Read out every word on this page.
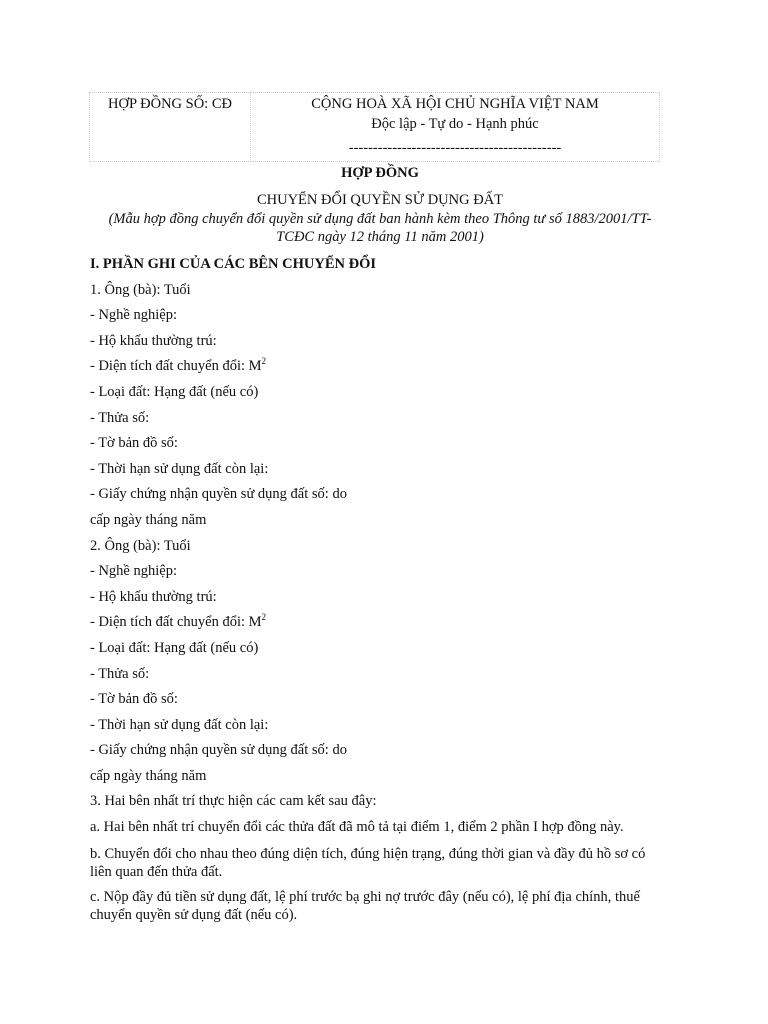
HỢP ĐỒNG SỐ: CĐ	CỘNG HOÀ XÃ HỘI CHỦ NGHĨA VIỆT NAM
Độc lập - Tự do - Hạnh phúc
--------------------------------------------
HỢP ĐỒNG
CHUYỂN ĐỔI QUYỀN SỬ DỤNG ĐẤT
(Mẫu hợp đồng chuyển đổi quyền sử dụng đất ban hành kèm theo Thông tư số 1883/2001/TT-TCĐC ngày 12 tháng 11 năm 2001)
I. PHẦN GHI CỦA CÁC BÊN CHUYỂN ĐỔI
1. Ông (bà): Tuổi
- Nghề nghiệp:
- Hộ khẩu thường trú:
- Diện tích đất chuyển đổi: $M^2$
- Loại đất: Hạng đất (nếu có)
- Thửa số:
- Tờ bản đồ số:
- Thời hạn sử dụng đất còn lại:
- Giấy chứng nhận quyền sử dụng đất số: do
cấp ngày tháng năm
2. Ông (bà): Tuổi
- Nghề nghiệp:
- Hộ khẩu thường trú:
- Diện tích đất chuyển đổi: $M^2$
- Loại đất: Hạng đất (nếu có)
- Thửa số:
- Tờ bản đồ số:
- Thời hạn sử dụng đất còn lại:
- Giấy chứng nhận quyền sử dụng đất số: do
cấp ngày tháng năm
3. Hai bên nhất trí thực hiện các cam kết sau đây:
a. Hai bên nhất trí chuyển đổi các thửa đất đã mô tả tại điểm 1, điểm 2 phần I hợp đồng này.
b. Chuyển đổi cho nhau theo đúng diện tích, đúng hiện trạng, đúng thời gian và đầy đủ hồ sơ có liên quan đến thửa đất.
c. Nộp đầy đủ tiền sử dụng đất, lệ phí trước bạ ghi nợ trước đây (nếu có), lệ phí địa chính, thuế chuyển quyền sử dụng đất (nếu có).
